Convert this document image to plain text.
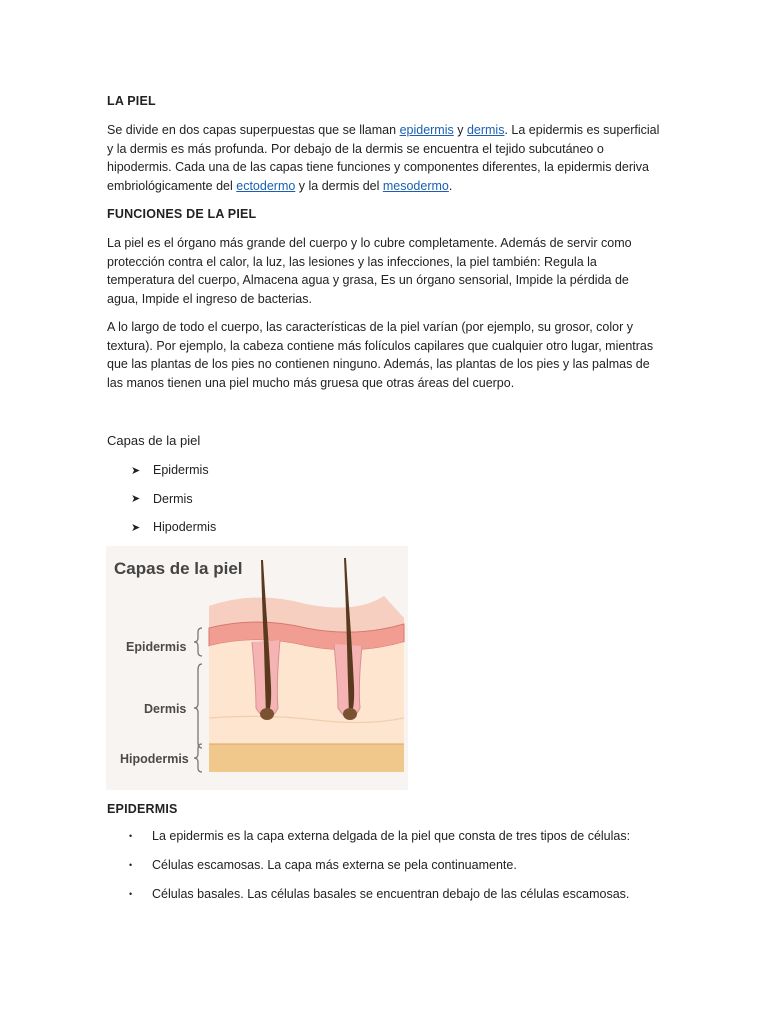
LA PIEL

Se divide en dos capas superpuestas que se llaman epidermis y dermis. La epidermis es superficial y la dermis es más profunda. Por debajo de la dermis se encuentra el tejido subcutáneo o hipodermis. Cada una de las capas tiene funciones y componentes diferentes, la epidermis deriva embriológicamente del ectodermo y la dermis del mesodermo.

FUNCIONES DE LA PIEL

La piel es el órgano más grande del cuerpo y lo cubre completamente. Además de servir como protección contra el calor, la luz, las lesiones y las infecciones, la piel también: Regula la temperatura del cuerpo, Almacena agua y grasa, Es un órgano sensorial, Impide la pérdida de agua, Impide el ingreso de bacterias.

A lo largo de todo el cuerpo, las características de la piel varían (por ejemplo, su grosor, color y textura). Por ejemplo, la cabeza contiene más folículos capilares que cualquier otro lugar, mientras que las plantas de los pies no contienen ninguno. Además, las plantas de los pies y las palmas de las manos tienen una piel mucho más gruesa que otras áreas del cuerpo.

Capas de la piel

➤	Epidermis
➤	Dermis
➤	Hipodermis
Capas de la piel
Epidermis
Dermis
Hipodermis

EPIDERMIS

•	La epidermis es la capa externa delgada de la piel que consta de tres tipos de células:
•	Células escamosas. La capa más externa se pela continuamente.
•	Células basales. Las células basales se encuentran debajo de las células escamosas.
